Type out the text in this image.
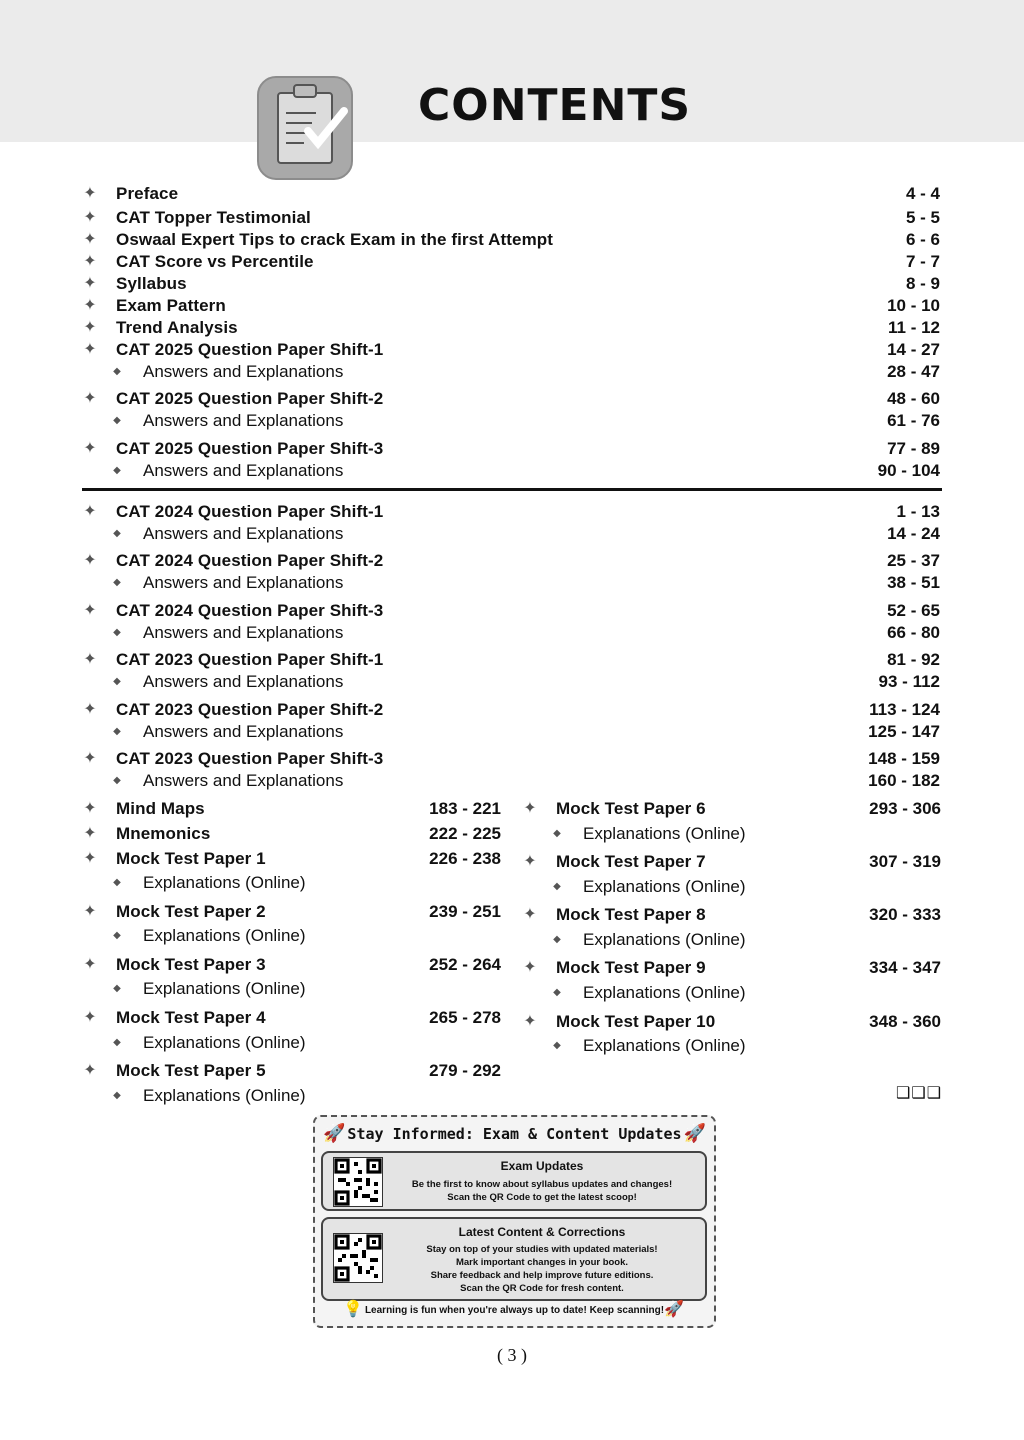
CONTENTS
✦ Preface	4 - 4
✦ CAT Topper Testimonial	5 - 5
✦ Oswaal Expert Tips to crack Exam in the first Attempt	6 - 6
✦ CAT Score vs Percentile	7 - 7
✦ Syllabus	8 - 9
✦ Exam Pattern	10 - 10
✦ Trend Analysis	11 - 12
✦ CAT 2025 Question Paper Shift-1	14 - 27
◆ Answers and Explanations	28 - 47
✦ CAT 2025 Question Paper Shift-2	48 - 60
◆ Answers and Explanations	61 - 76
✦ CAT 2025 Question Paper Shift-3	77 - 89
◆ Answers and Explanations	90 - 104
✦ CAT 2024 Question Paper Shift-1	1 - 13
◆ Answers and Explanations	14 - 24
✦ CAT 2024 Question Paper Shift-2	25 - 37
◆ Answers and Explanations	38 - 51
✦ CAT 2024 Question Paper Shift-3	52 - 65
◆ Answers and Explanations	66 - 80
✦ CAT 2023 Question Paper Shift-1	81 - 92
◆ Answers and Explanations	93 - 112
✦ CAT 2023 Question Paper Shift-2	113 - 124
◆ Answers and Explanations	125 - 147
✦ CAT 2023 Question Paper Shift-3	148 - 159
◆ Answers and Explanations	160 - 182
✦ Mind Maps	183 - 221
✦ Mnemonics	222 - 225
✦ Mock Test Paper 1	226 - 238
◆ Explanations (Online)
✦ Mock Test Paper 2	239 - 251
◆ Explanations (Online)
✦ Mock Test Paper 3	252 - 264
◆ Explanations (Online)
✦ Mock Test Paper 4	265 - 278
◆ Explanations (Online)
✦ Mock Test Paper 5	279 - 292
◆ Explanations (Online)
✦ Mock Test Paper 6	293 - 306
◆ Explanations (Online)
✦ Mock Test Paper 7	307 - 319
◆ Explanations (Online)
✦ Mock Test Paper 8	320 - 333
◆ Explanations (Online)
✦ Mock Test Paper 9	334 - 347
◆ Explanations (Online)
✦ Mock Test Paper 10	348 - 360
◆ Explanations (Online)
❑❑❑
🚀	🚀
Stay Informed: Exam & Content Updates
Exam Updates
Be the first to know about syllabus updates and changes!
Scan the QR Code to get the latest scoop!
Latest Content & Corrections
Stay on top of your studies with updated materials!
Mark important changes in your book.
Share feedback and help improve future editions.
Scan the QR Code for fresh content.
💡	🚀
Learning is fun when you're always up to date! Keep scanning!
( 3 )
